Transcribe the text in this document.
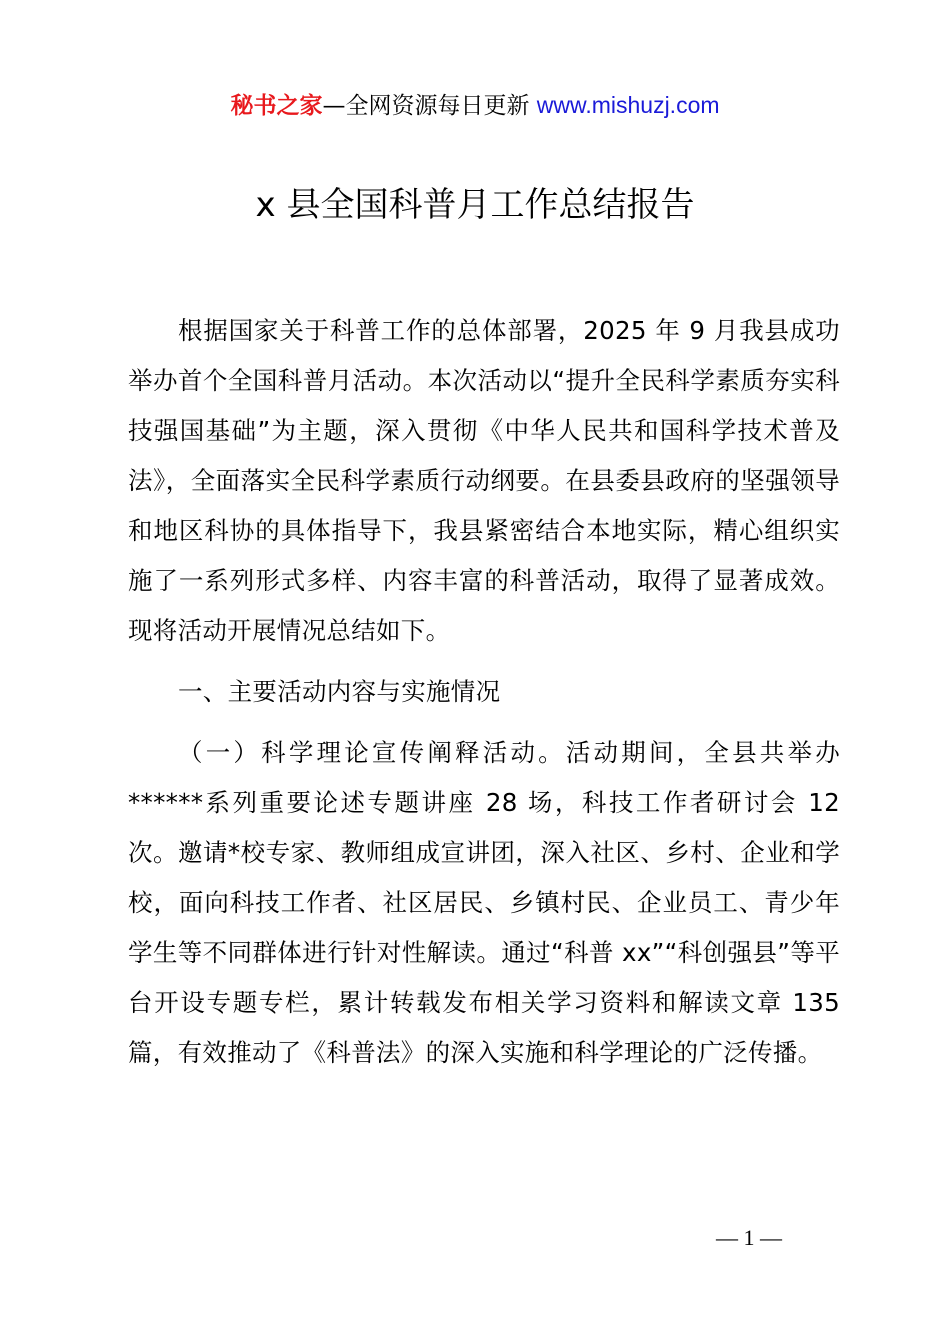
秘书之家—全网资源每日更新 www.mishuzj.com
x 县全国科普月工作总结报告
根据国家关于科普工作的总体部署，2025 年 9 月我县成功举办首个全国科普月活动。本次活动以“提升全民科学素质夯实科技强国基础”为主题，深入贯彻《中华人民共和国科学技术普及法》，全面落实全民科学素质行动纲要。在县委县政府的坚强领导和地区科协的具体指导下，我县紧密结合本地实际，精心组织实施了一系列形式多样、内容丰富的科普活动，取得了显著成效。现将活动开展情况总结如下。
一、主要活动内容与实施情况
（一）科学理论宣传阐释活动。活动期间，全县共举办******系列重要论述专题讲座 28 场，科技工作者研讨会 12 次。邀请*校专家、教师组成宣讲团，深入社区、乡村、企业和学校，面向科技工作者、社区居民、乡镇村民、企业员工、青少年学生等不同群体进行针对性解读。通过“科普 xx”“科创强县”等平台开设专题专栏，累计转载发布相关学习资料和解读文章 135 篇，有效推动了《科普法》的深入实施和科学理论的广泛传播。
— 1 —
